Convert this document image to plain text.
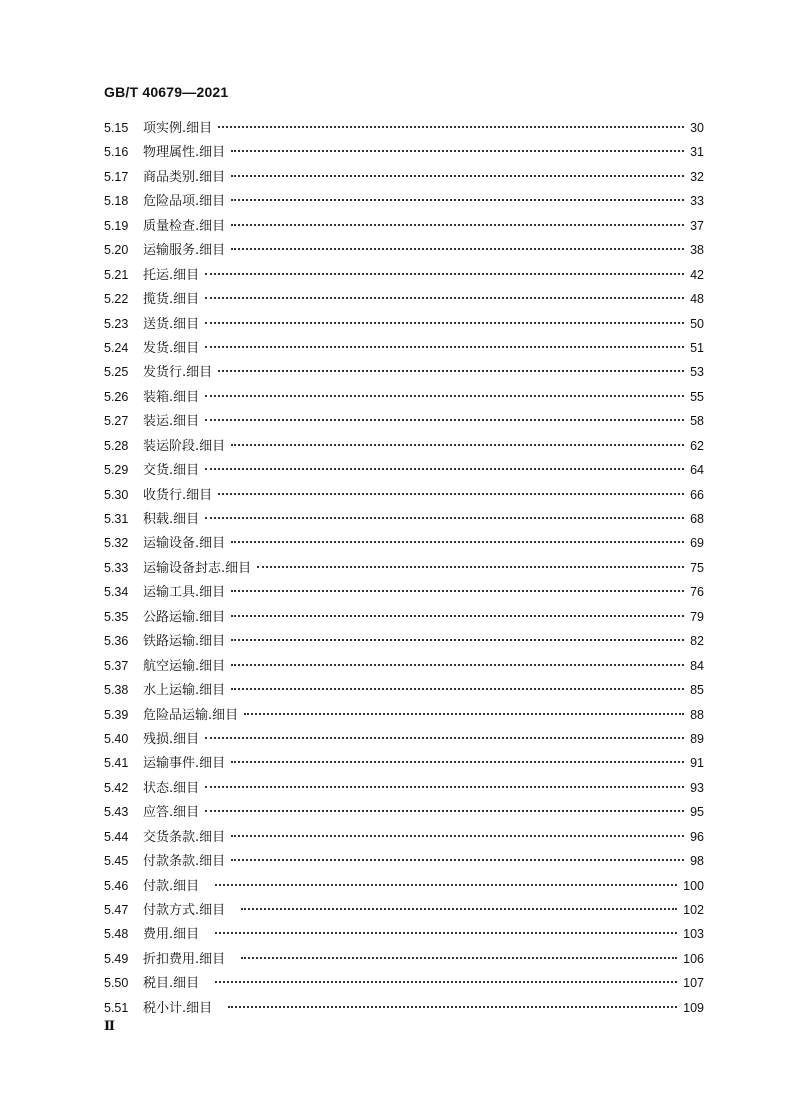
GB/T 40679—2021
5.15	项实例.细目	30
5.16	物理属性.细目	31
5.17	商品类别.细目	32
5.18	危险品项.细目	33
5.19	质量检查.细目	37
5.20	运输服务.细目	38
5.21	托运.细目	42
5.22	揽货.细目	48
5.23	送货.细目	50
5.24	发货.细目	51
5.25	发货行.细目	53
5.26	装箱.细目	55
5.27	装运.细目	58
5.28	装运阶段.细目	62
5.29	交货.细目	64
5.30	收货行.细目	66
5.31	积载.细目	68
5.32	运输设备.细目	69
5.33	运输设备封志.细目	75
5.34	运输工具.细目	76
5.35	公路运输.细目	79
5.36	铁路运输.细目	82
5.37	航空运输.细目	84
5.38	水上运输.细目	85
5.39	危险品运输.细目	88
5.40	残损.细目	89
5.41	运输事件.细目	91
5.42	状态.细目	93
5.43	应答.细目	95
5.44	交货条款.细目	96
5.45	付款条款.细目	98
5.46	付款.细目	100
5.47	付款方式.细目	102
5.48	费用.细目	103
5.49	折扣费用.细目	106
5.50	税目.细目	107
5.51	税小计.细目	109
Ⅱ
